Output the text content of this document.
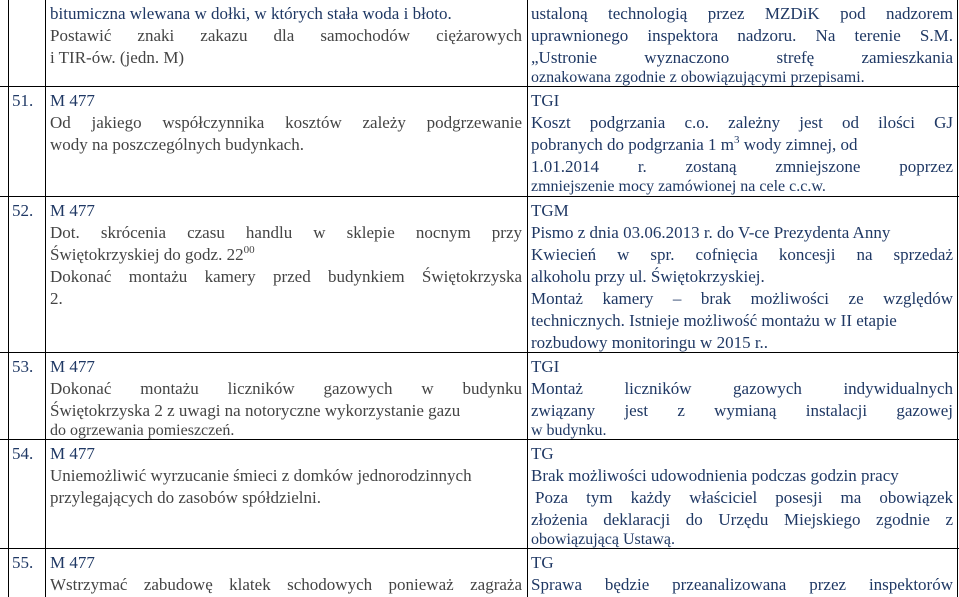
bitumiczna wlewana w dołki, w których stała woda i błoto.
Postawić znaki zakazu dla samochodów ciężarowych
i TIR-ów. (jedn. M)
ustaloną technologią przez MZDiK pod nadzorem
uprawnionego inspektora nadzoru. Na terenie S.M.
„Ustronie wyznaczono strefę zamieszkania
oznakowana zgodnie z obowiązującymi przepisami.
51. M 477
Od jakiego współczynnika kosztów zależy podgrzewanie
wody na poszczególnych budynkach.
TGI
Koszt podgrzania c.o. zależny jest od ilości GJ
pobranych do podgrzania 1 $m^3$ wody zimnej, od
1.01.2014 r. zostaną zmniejszone poprzez
zmniejszenie mocy zamówionej na cele c.c.w.
52. M 477
Dot. skrócenia czasu handlu w sklepie nocnym przy
Świętokrzyskiej do godz. $22^{00}$
Dokonać montażu kamery przed budynkiem Świętokrzyska
2.
TGM
Pismo z dnia 03.06.2013 r. do V-ce Prezydenta Anny
Kwiecień w spr. cofnięcia koncesji na sprzedaż
alkoholu przy ul. Świętokrzyskiej.
Montaż kamery – brak możliwości ze względów
technicznych. Istnieje możliwość montażu w II etapie
rozbudowy monitoringu w 2015 r..
53. M 477
Dokonać montażu liczników gazowych w budynku
Świętokrzyska 2 z uwagi na notoryczne wykorzystanie gazu
do ogrzewania pomieszczeń.
TGI
Montaż liczników gazowych indywidualnych
związany jest z wymianą instalacji gazowej
w budynku.
54. M 477
Uniemożliwić wyrzucanie śmieci z domków jednorodzinnych
przylegających do zasobów spółdzielni.
TG
Brak możliwości udowodnienia podczas godzin pracy
Poza tym każdy właściciel posesji ma obowiązek
złożenia deklaracji do Urzędu Miejskiego zgodnie z
obowiązującą Ustawą.
55. M 477
Wstrzymać zabudowę klatek schodowych ponieważ zagraża
TG
Sprawa będzie przeanalizowana przez inspektorów
